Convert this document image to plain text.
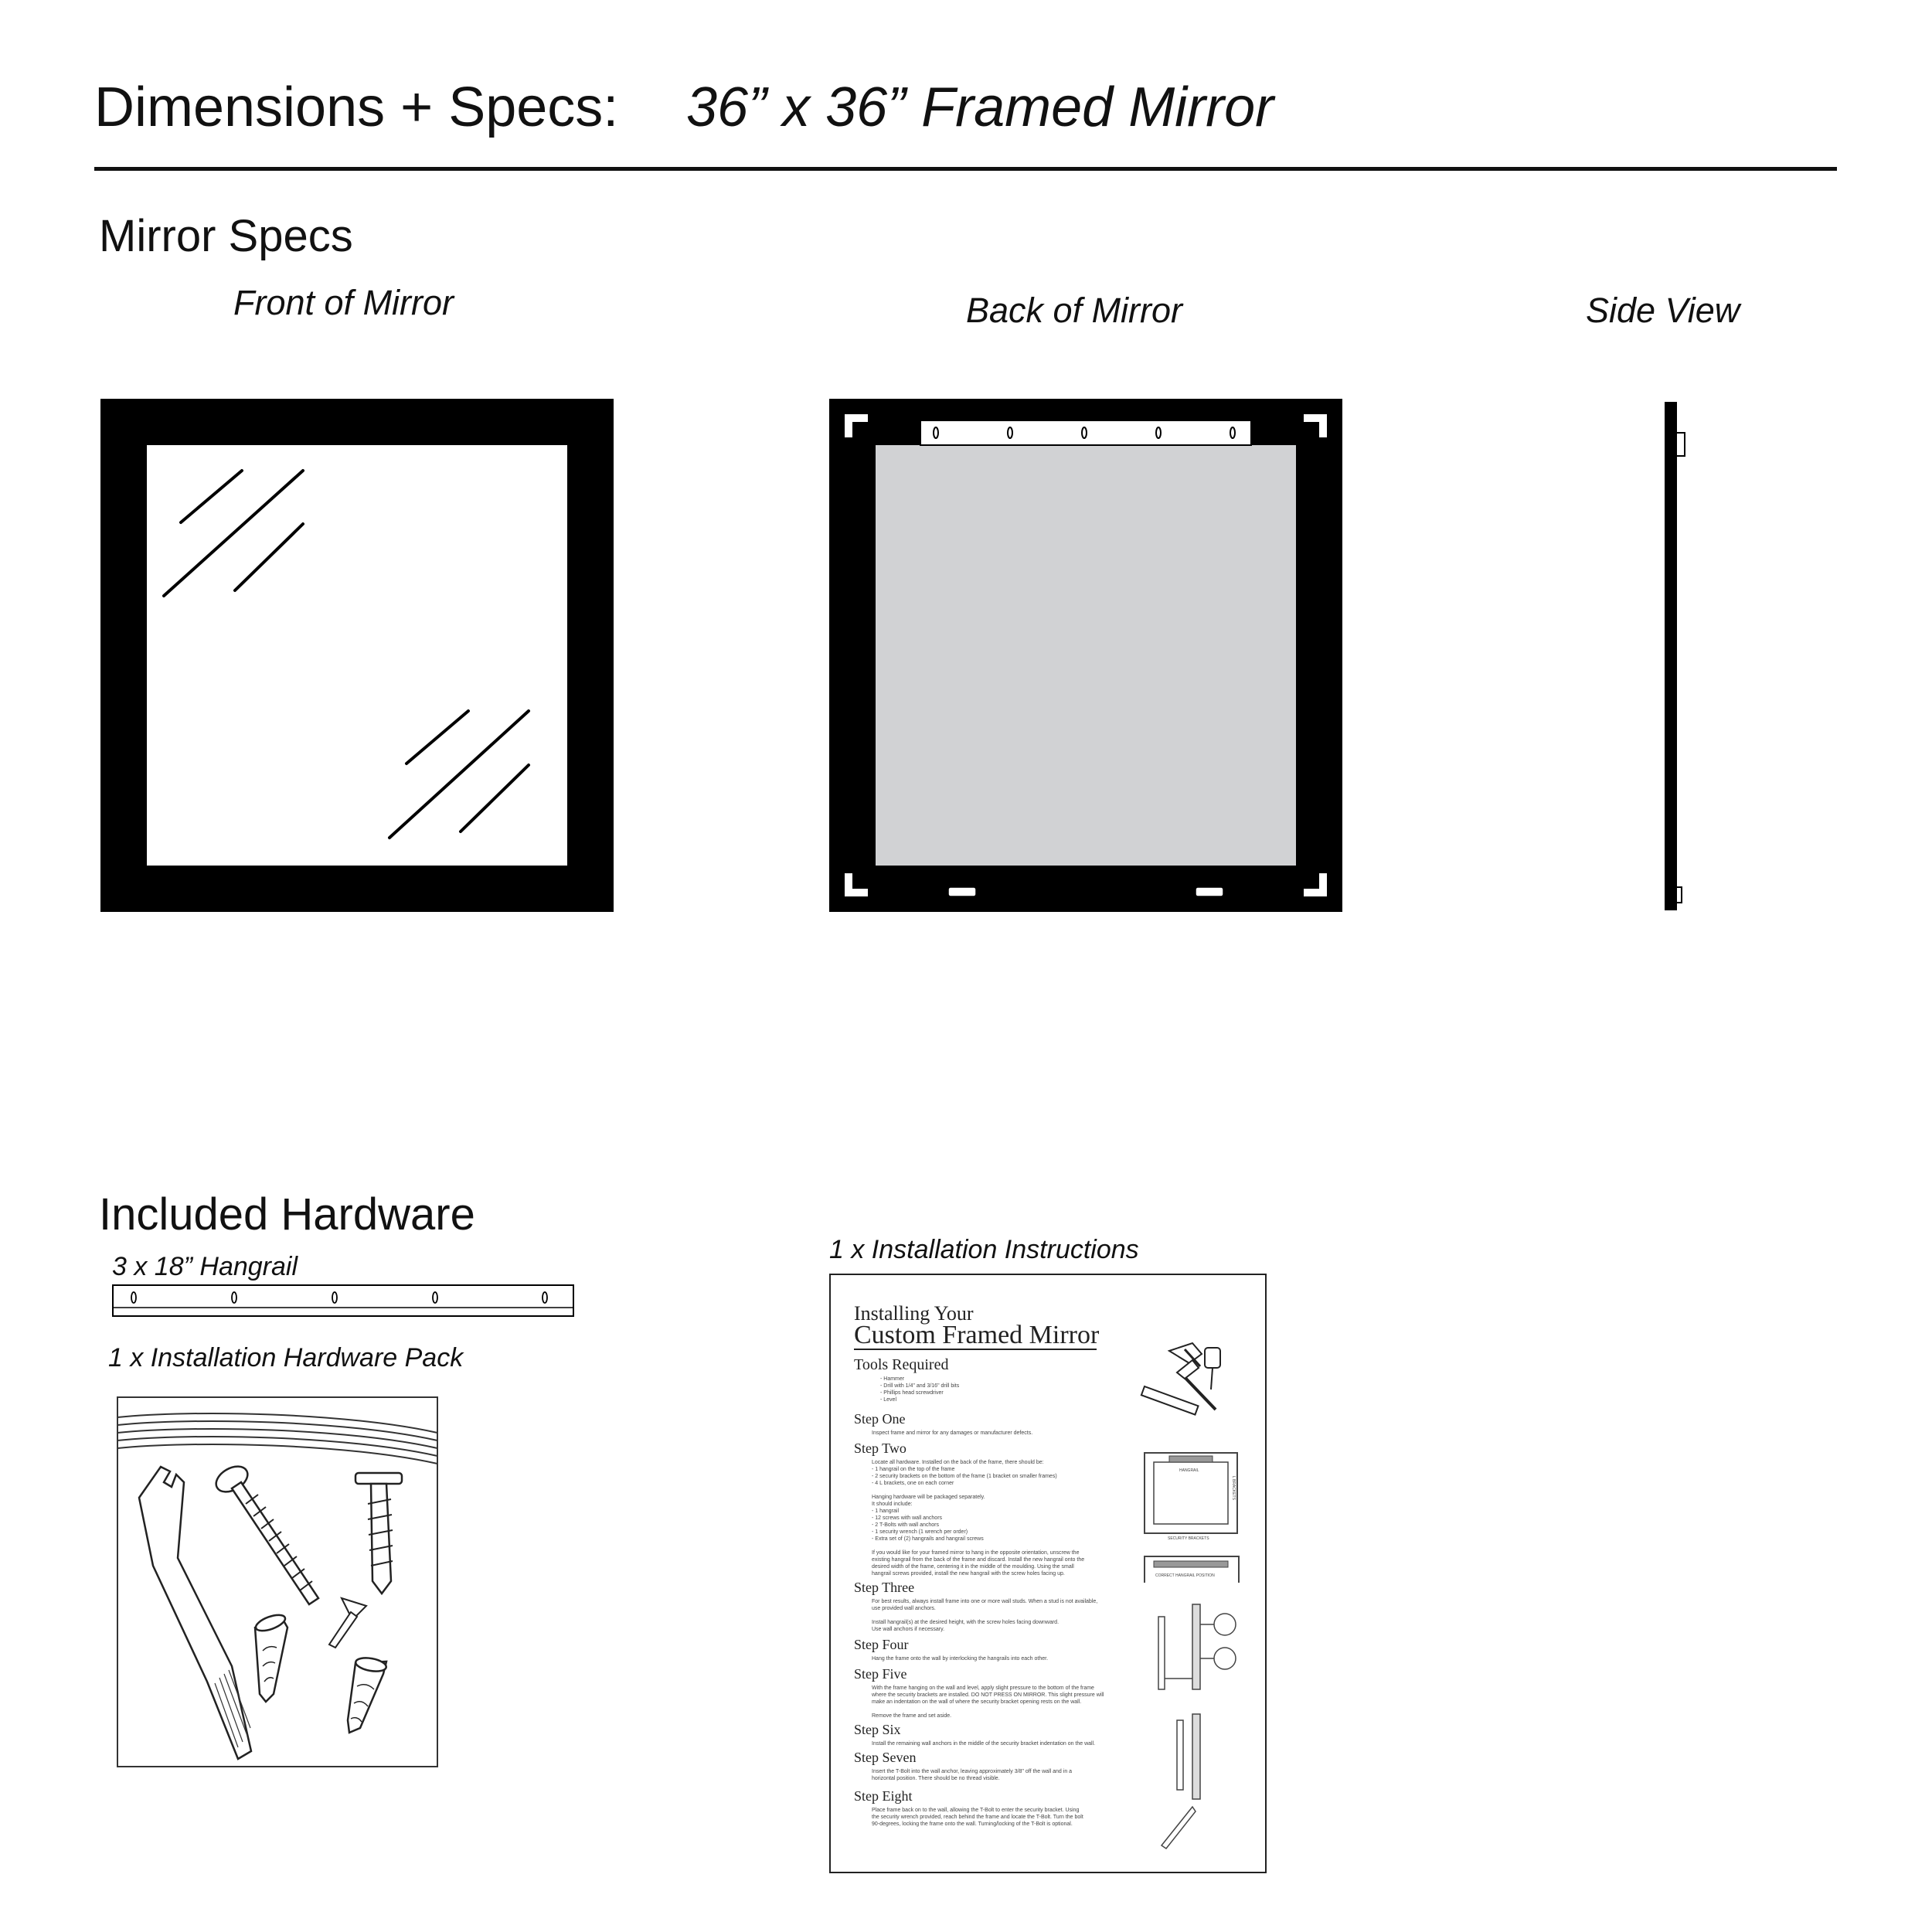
Dimensions + Specs: 36” x 36” Framed Mirror
Mirror Specs
Front of Mirror	Back of Mirror	Side View
Included Hardware
3 x 18” Hangrail
1 x Installation Hardware Pack
1 x Installation Instructions
Installing Your
Custom Framed Mirror
Tools Required
- Hammer
- Drill with 1/4" and 3/16" drill bits
- Phillips head screwdriver
- Level
Step One
Inspect frame and mirror for any damages or manufacturer defects.
Step Two
Locate all hardware. Installed on the back of the frame, there should be:
- 1 hangrail on the top of the frame
- 2 security brackets on the bottom of the frame (1 bracket on smaller frames)
- 4 L brackets, one on each corner
Hanging hardware will be packaged separately.
It should include:
- 1 hangrail
- 12 screws with wall anchors
- 2 T-Bolts with wall anchors
- 1 security wrench (1 wrench per order)
- Extra set of (2) hangrails and hangrail screws
If you would like for your framed mirror to hang in the opposite orientation, unscrew the
existing hangrail from the back of the frame and discard. Install the new hangrail onto the
desired width of the frame, centering it in the middle of the moulding. Using the small
hangrail screws provided, install the new hangrail with the screw holes facing up.
Step Three
For best results, always install frame into one or more wall studs. When a stud is not available,
use provided wall anchors.
Install hangrail(s) at the desired height, with the screw holes facing downward.
Use wall anchors if necessary.
Step Four
Hang the frame onto the wall by interlocking the hangrails into each other.
Step Five
With the frame hanging on the wall and level, apply slight pressure to the bottom of the frame
where the security brackets are installed. DO NOT PRESS ON MIRROR. This slight pressure will
make an indentation on the wall of where the security bracket opening rests on the wall.
Remove the frame and set aside.
Step Six
Install the remaining wall anchors in the middle of the security bracket indentation on the wall.
Step Seven
Insert the T-Bolt into the wall anchor, leaving approximately 3/8" off the wall and in a
horizontal position. There should be no thread visible.
Step Eight
Place frame back on to the wall, allowing the T-Bolt to enter the security bracket. Using
the security wrench provided, reach behind the frame and locate the T-Bolt. Turn the bolt
90-degrees, locking the frame onto the wall. Turning/locking of the T-Bolt is optional.
HANGRAIL
L BRACKETS
SECURITY BRACKETS
CORRECT HANGRAIL POSITION
